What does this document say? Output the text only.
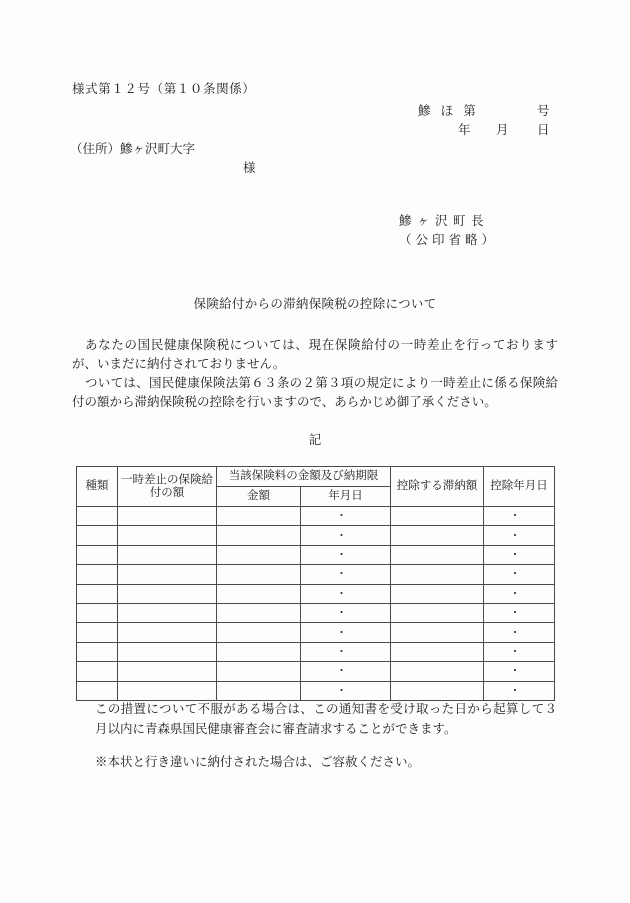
様式第１２号（第１０条関係）
鰺 ほ 第	号
年 月 日
（住所）鰺ヶ沢町大字
様
鰺ヶ沢町長
（公印省略）
保険給付からの滞納保険税の控除について
あなたの国民健康保険税については、現在保険給付の一時差止を行っておりますが、いまだに納付されておりません。
ついては、国民健康保険法第６３条の２第３項の規定により一時差止に係る保険給付の額から滞納保険税の控除を行いますので、あらかじめ御了承ください。
記
種類	一時差止の保険給付の額	当該保険料の金額及び納期限		控除する滞納額	控除年月日
		金額	年月日		

			・		・

			・		・

			・		・

			・		・

			・		・

			・		・

			・		・

			・		・

			・		・

			・		・
この措置について不服がある場合は、この通知書を受け取った日から起算して３月以内に青森県国民健康審査会に審査請求することができます。
※本状と行き違いに納付された場合は、ご容赦ください。
